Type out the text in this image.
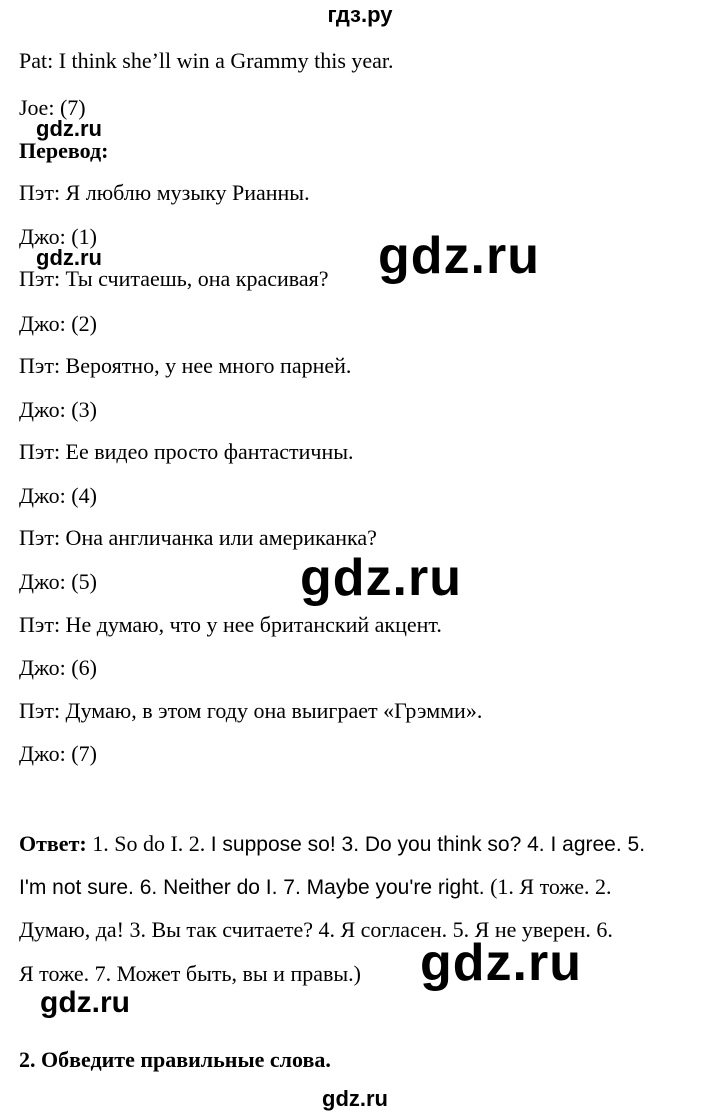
гдз.ру
Pat: I think she’ll win a Grammy this year.
Joe: (7)
gdz.ru
Перевод:
Пэт: Я люблю музыку Рианны.
Джо: (1)
gdz.ru
Пэт: Ты считаешь, она красивая? gdz.ru
Джо: (2)
Пэт: Вероятно, у нее много парней.
Джо: (3)
Пэт: Ее видео просто фантастичны.
Джо: (4)
Пэт: Она англичанка или американка?
Джо: (5)	gdz.ru
Пэт: Не думаю, что у нее британский акцент.
Джо: (6)
Пэт: Думаю, в этом году она выиграет «Грэмми».
Джо: (7)
Ответ: 1. So do I. 2. I suppose so! 3. Do you think so? 4. I agree. 5.
I'm not sure. 6. Neither do I. 7. Maybe you're right. (1. Я тоже. 2.
Думаю, да! 3. Вы так считаете? 4. Я согласен. 5. Я не уверен. 6.
Я тоже. 7. Может быть, вы и правы.) gdz.ru
gdz.ru
2. Обведите правильные слова.
gdz.ru
